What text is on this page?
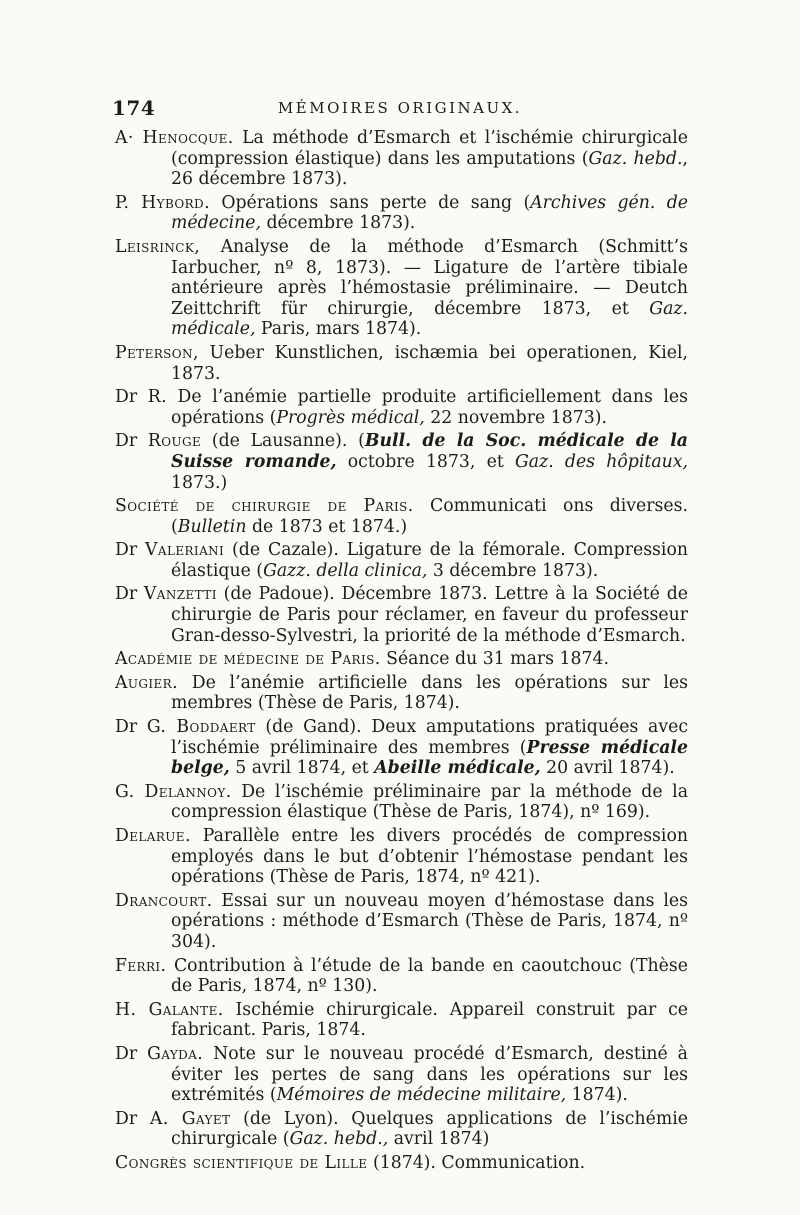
174	MÉMOIRES ORIGINAUX.

A· Henocque. La méthode d’Esmarch et l’ischémie chirurgicale (compression élastique) dans les amputations (Gaz. hebd., 26 décembre 1873).

P. Hybord. Opérations sans perte de sang (Archives gén. de médecine, décembre 1873).

Leisrinck, Analyse de la méthode d’Esmarch (Schmitt’s Iarbucher, nº 8, 1873). — Ligature de l’artère tibiale antérieure après l’hémostasie préliminaire. — Deutch Zeittchrift für chirurgie, décembre 1873, et Gaz. médicale, Paris, mars 1874).

Peterson, Ueber Kunstlichen, ischæmia bei operationen, Kiel, 1873.

Dr R. De l’anémie partielle produite artificiellement dans les opérations (Progrès médical, 22 novembre 1873).

Dr Rouge (de Lausanne). (Bull. de la Soc. médicale de la Suisse romande, octobre 1873, et Gaz. des hôpitaux, 1873.)

Société de chirurgie de Paris. Communicati ons diverses. (Bulletin de 1873 et 1874.)

Dr Valeriani (de Cazale). Ligature de la fémorale. Compression élastique (Gazz. della clinica, 3 décembre 1873).

Dr Vanzetti (de Padoue). Décembre 1873. Lettre à la Société de chirurgie de Paris pour réclamer, en faveur du professeur Gran-desso-Sylvestri, la priorité de la méthode d’Esmarch.

Académie de médecine de Paris. Séance du 31 mars 1874.

Augier. De l’anémie artificielle dans les opérations sur les membres (Thèse de Paris, 1874).

Dr G. Boddaert (de Gand). Deux amputations pratiquées avec l’ischémie préliminaire des membres (Presse médicale belge, 5 avril 1874, et Abeille médicale, 20 avril 1874).

G. Delannoy. De l’ischémie préliminaire par la méthode de la compression élastique (Thèse de Paris, 1874), nº 169).

Delarue. Parallèle entre les divers procédés de compression employés dans le but d’obtenir l’hémostase pendant les opérations (Thèse de Paris, 1874, nº 421).

Drancourt. Essai sur un nouveau moyen d’hémostase dans les opérations : méthode d’Esmarch (Thèse de Paris, 1874, nº 304).

Ferri. Contribution à l’étude de la bande en caoutchouc (Thèse de Paris, 1874, nº 130).

H. Galante. Ischémie chirurgicale. Appareil construit par ce fabricant. Paris, 1874.

Dr Gayda. Note sur le nouveau procédé d’Esmarch, destiné à éviter les pertes de sang dans les opérations sur les extrémités (Mémoires de médecine militaire, 1874).

Dr A. Gayet (de Lyon). Quelques applications de l’ischémie chirurgicale (Gaz. hebd., avril 1874)

Congrès scientifique de Lille (1874). Communication.
